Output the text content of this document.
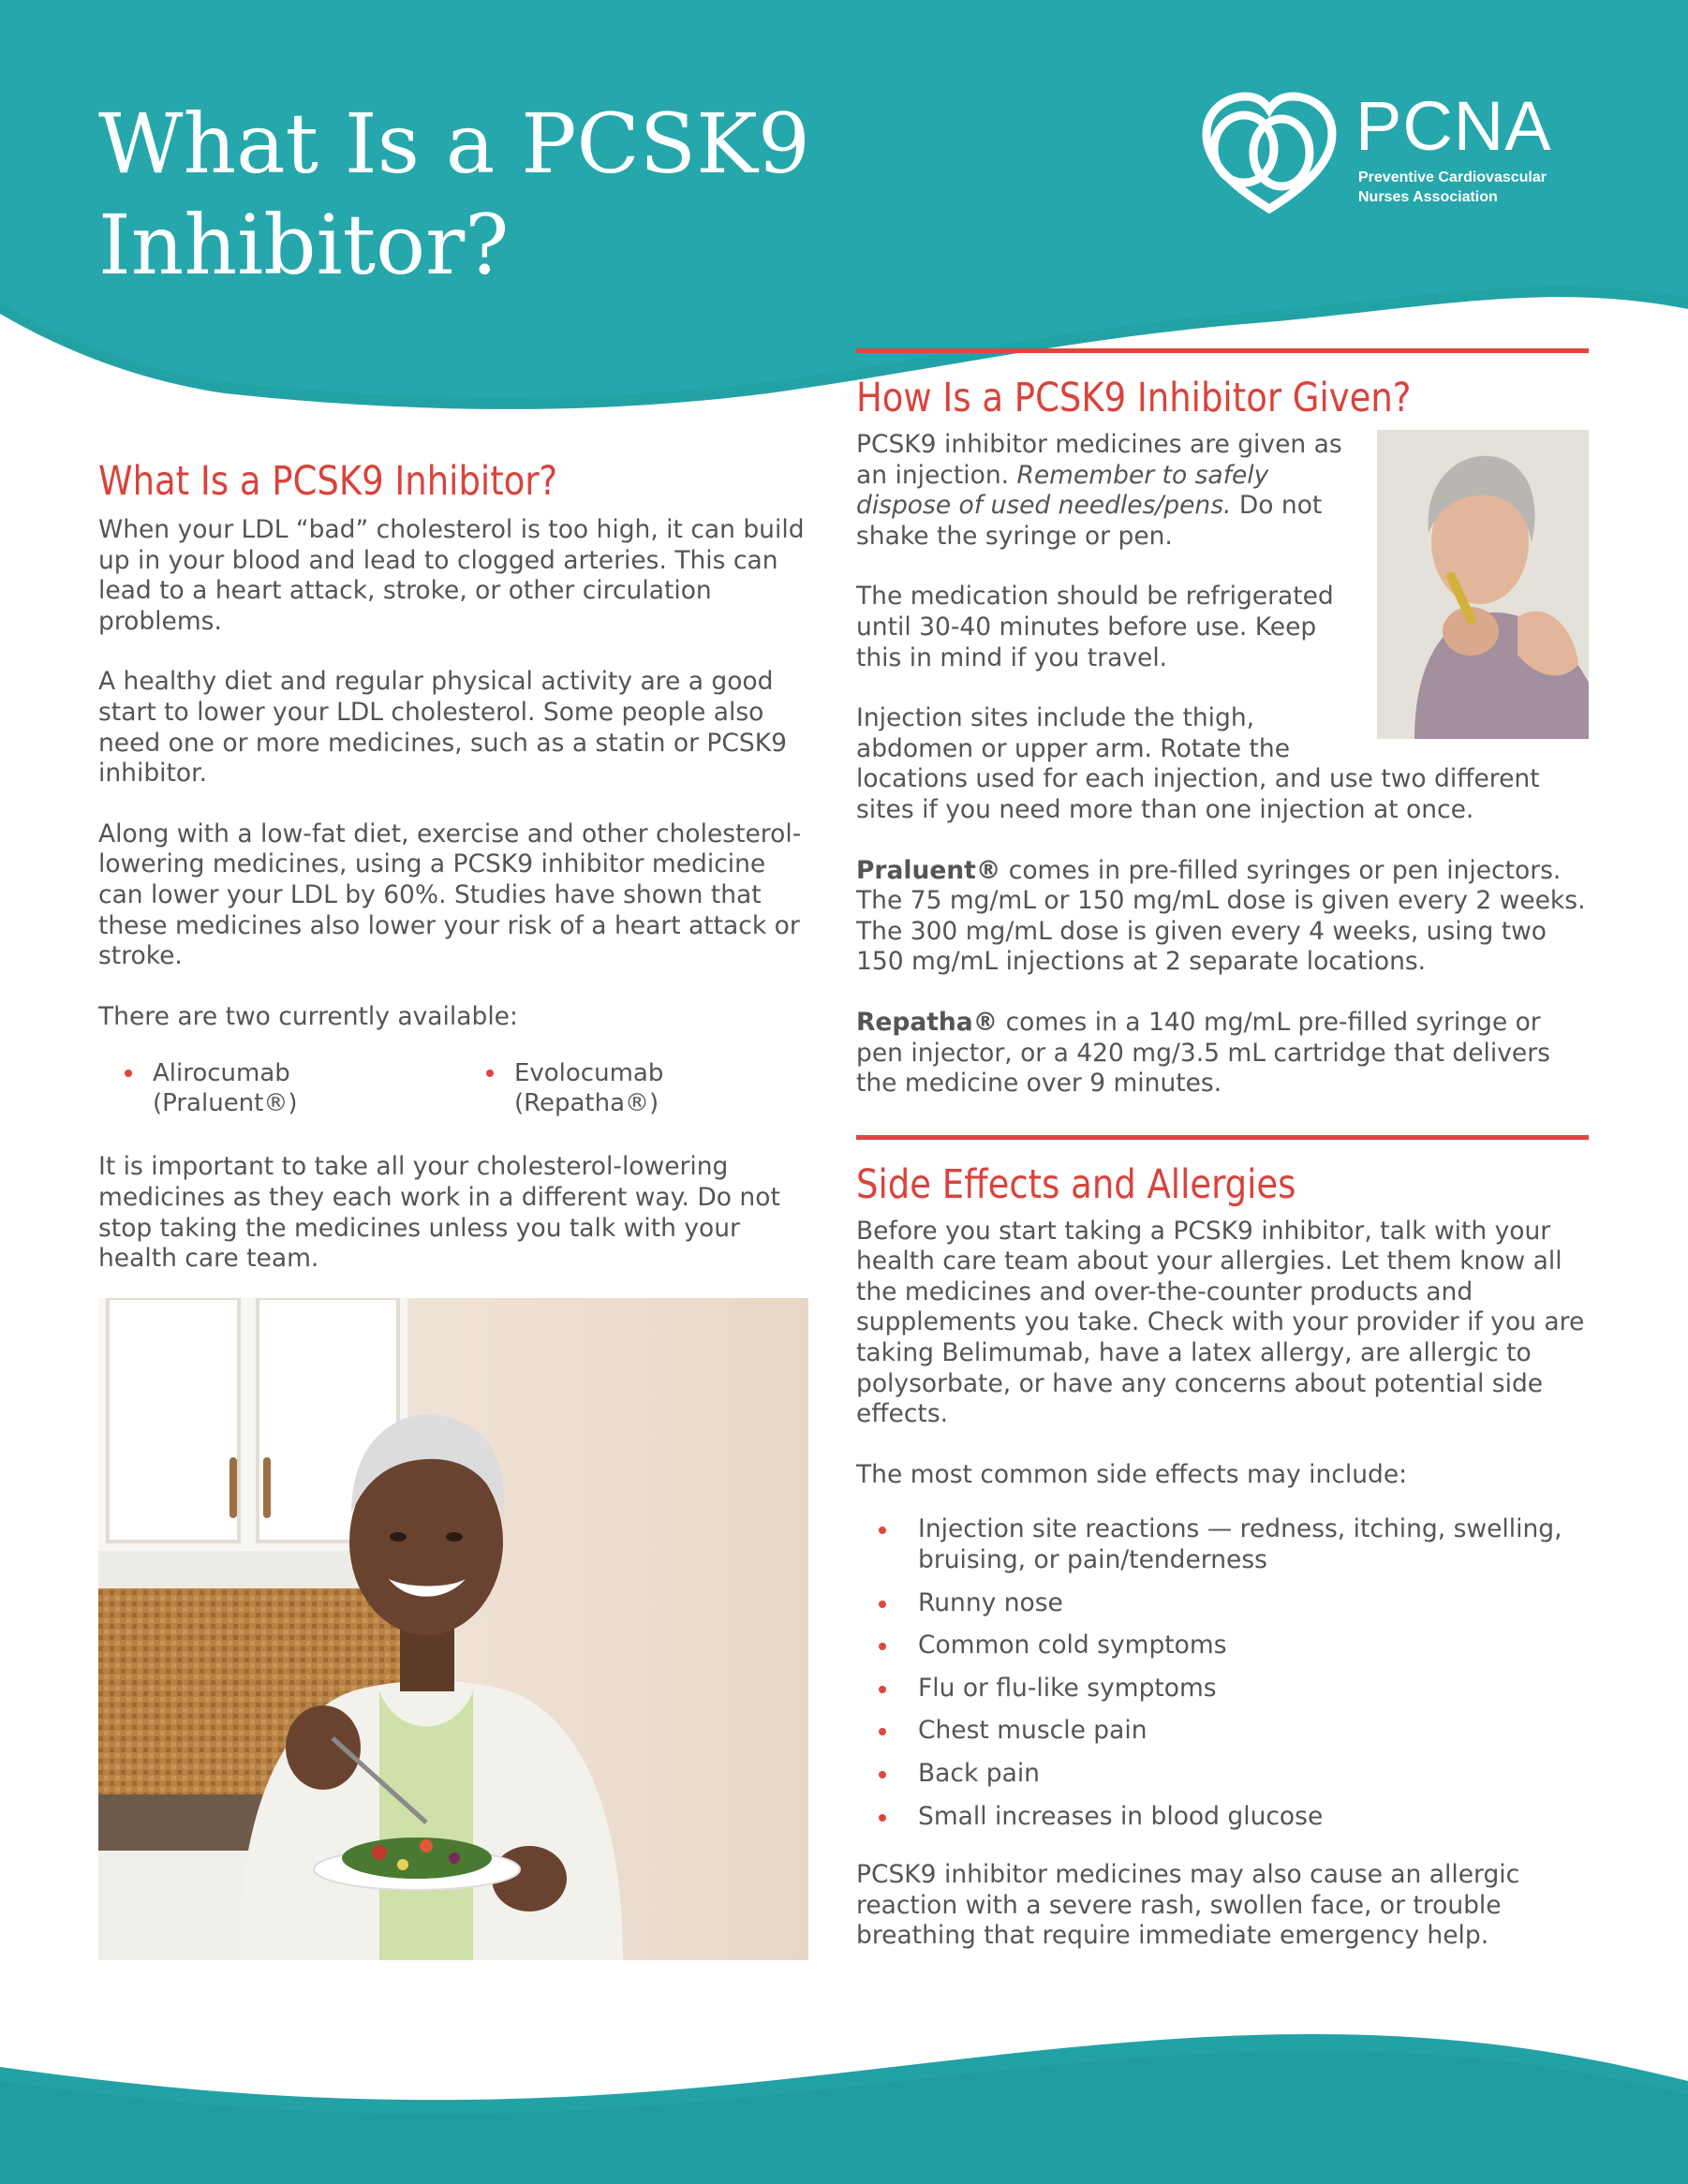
What Is a PCSK9
Inhibitor?
PCNA
Preventive Cardiovascular
Nurses Association
What Is a PCSK9 Inhibitor?

When your LDL “bad” cholesterol is too high, it can build up in your blood and lead to clogged arteries. This can lead to a heart attack, stroke, or other circulation problems.

A healthy diet and regular physical activity are a good start to lower your LDL cholesterol. Some people also need one or more medicines, such as a statin or PCSK9 inhibitor.

Along with a low-fat diet, exercise and other cholesterol-lowering medicines, using a PCSK9 inhibitor medicine can lower your LDL by 60%. Studies have shown that these medicines also lower your risk of a heart attack or stroke.

There are two currently available:

Alirocumab (Praluent®)
Evolocumab (Repatha®)

It is important to take all your cholesterol-lowering medicines as they each work in a different way. Do not stop taking the medicines unless you talk with your health care team.

How Is a PCSK9 Inhibitor Given?

PCSK9 inhibitor medicines are given as an injection. Remember to safely dispose of used needles/pens. Do not shake the syringe or pen.

The medication should be refrigerated until 30-40 minutes before use. Keep this in mind if you travel.

Injection sites include the thigh, abdomen or upper arm. Rotate the locations used for each injection, and use two different sites if you need more than one injection at once.

Praluent® comes in pre-filled syringes or pen injectors. The 75 mg/mL or 150 mg/mL dose is given every 2 weeks. The 300 mg/mL dose is given every 4 weeks, using two 150 mg/mL injections at 2 separate locations.

Repatha® comes in a 140 mg/mL pre-filled syringe or pen injector, or a 420 mg/3.5 mL cartridge that delivers the medicine over 9 minutes.

Side Effects and Allergies

Before you start taking a PCSK9 inhibitor, talk with your health care team about your allergies. Let them know all the medicines and over-the-counter products and supplements you take. Check with your provider if you are taking Belimumab, have a latex allergy, are allergic to polysorbate, or have any concerns about potential side effects.

The most common side effects may include:

Injection site reactions — redness, itching, swelling, bruising, or pain/tenderness
Runny nose
Common cold symptoms
Flu or flu-like symptoms
Chest muscle pain
Back pain
Small increases in blood glucose

PCSK9 inhibitor medicines may also cause an allergic reaction with a severe rash, swollen face, or trouble breathing that require immediate emergency help.
